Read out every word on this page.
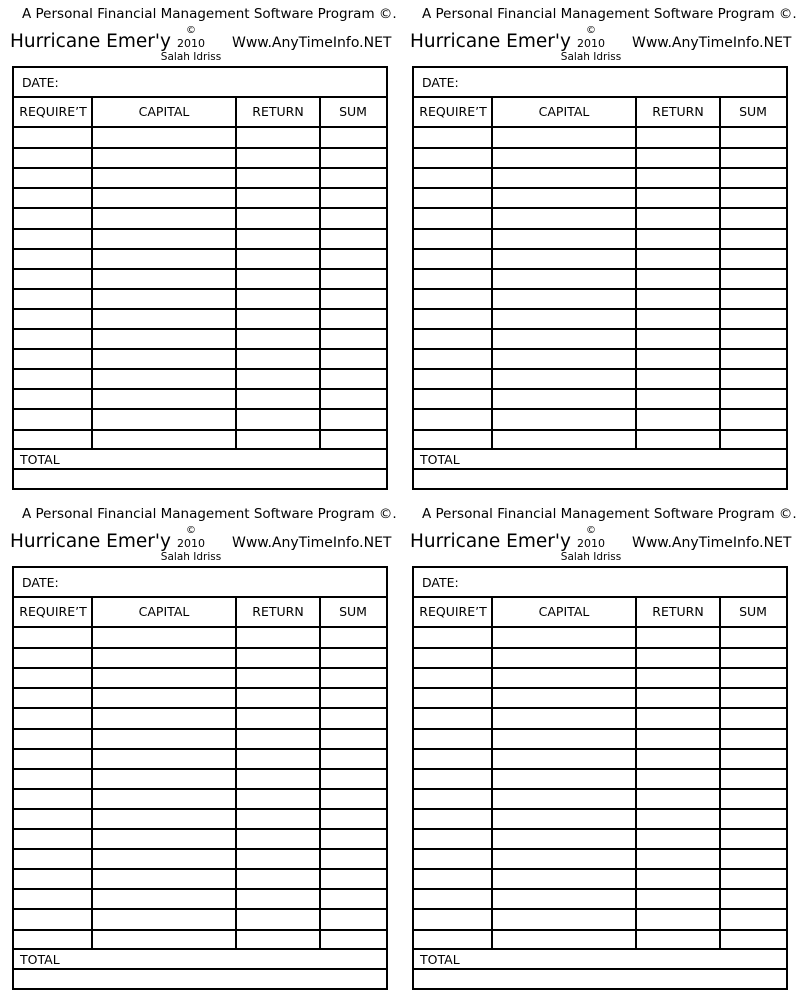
A Personal Financial Management Software Program ©.
Hurricane Emer'y
©
2010
Salah Idriss
Www.AnyTimeInfo.NET
DATE:
REQUIRE’T	CAPITAL	RETURN	SUM
TOTAL
A Personal Financial Management Software Program ©.
Hurricane Emer'y
©
2010
Salah Idriss
Www.AnyTimeInfo.NET
DATE:
REQUIRE’T	CAPITAL	RETURN	SUM
TOTAL
A Personal Financial Management Software Program ©.
Hurricane Emer'y
©
2010
Salah Idriss
Www.AnyTimeInfo.NET
DATE:
REQUIRE’T	CAPITAL	RETURN	SUM
TOTAL
A Personal Financial Management Software Program ©.
Hurricane Emer'y
©
2010
Salah Idriss
Www.AnyTimeInfo.NET
DATE:
REQUIRE’T	CAPITAL	RETURN	SUM
TOTAL
